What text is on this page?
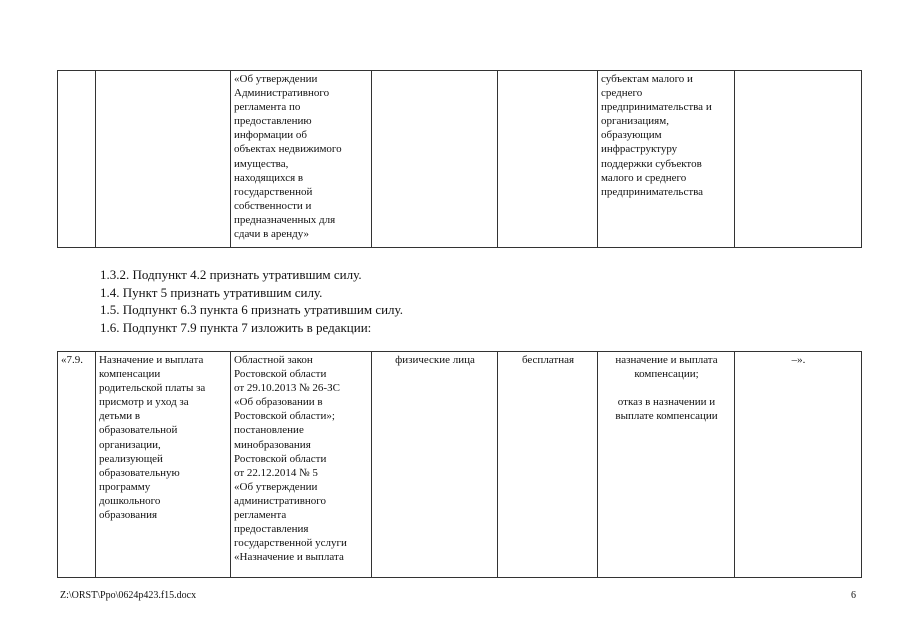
		«Об утверждении
Административного
регламента по
предоставлению
информации об
объектах недвижимого
имущества,
находящихся в
государственной
собственности и
предназначенных для
сдачи в аренду»			субъектам малого и
среднего
предпринимательства и
организациям,
образующим
инфраструктуру
поддержки субъектов
малого и среднего
предпринимательства	
1.3.2. Подпункт 4.2 признать утратившим силу.
1.4. Пункт 5 признать утратившим силу.
1.5. Подпункт 6.3 пункта 6 признать утратившим силу.
1.6. Подпункт 7.9 пункта 7 изложить в редакции:
«7.9.	Назначение и выплата
компенсации
родительской платы за
присмотр и уход за
детьми в
образовательной
организации,
реализующей
образовательную
программу
дошкольного
образования	Областной закон
Ростовской области
от 29.10.2013 № 26-ЗС
«Об образовании в
Ростовской области»;
постановление
минобразования
Ростовской области
от 22.12.2014 № 5
«Об утверждении
административного
регламента
предоставления
государственной услуги
«Назначение и выплата	физические лица	бесплатная	назначение и выплата
компенсации;

отказ в назначении и
выплате компенсации	–».
Z:\ORST\Ppo\0624p423.f15.docx	6
